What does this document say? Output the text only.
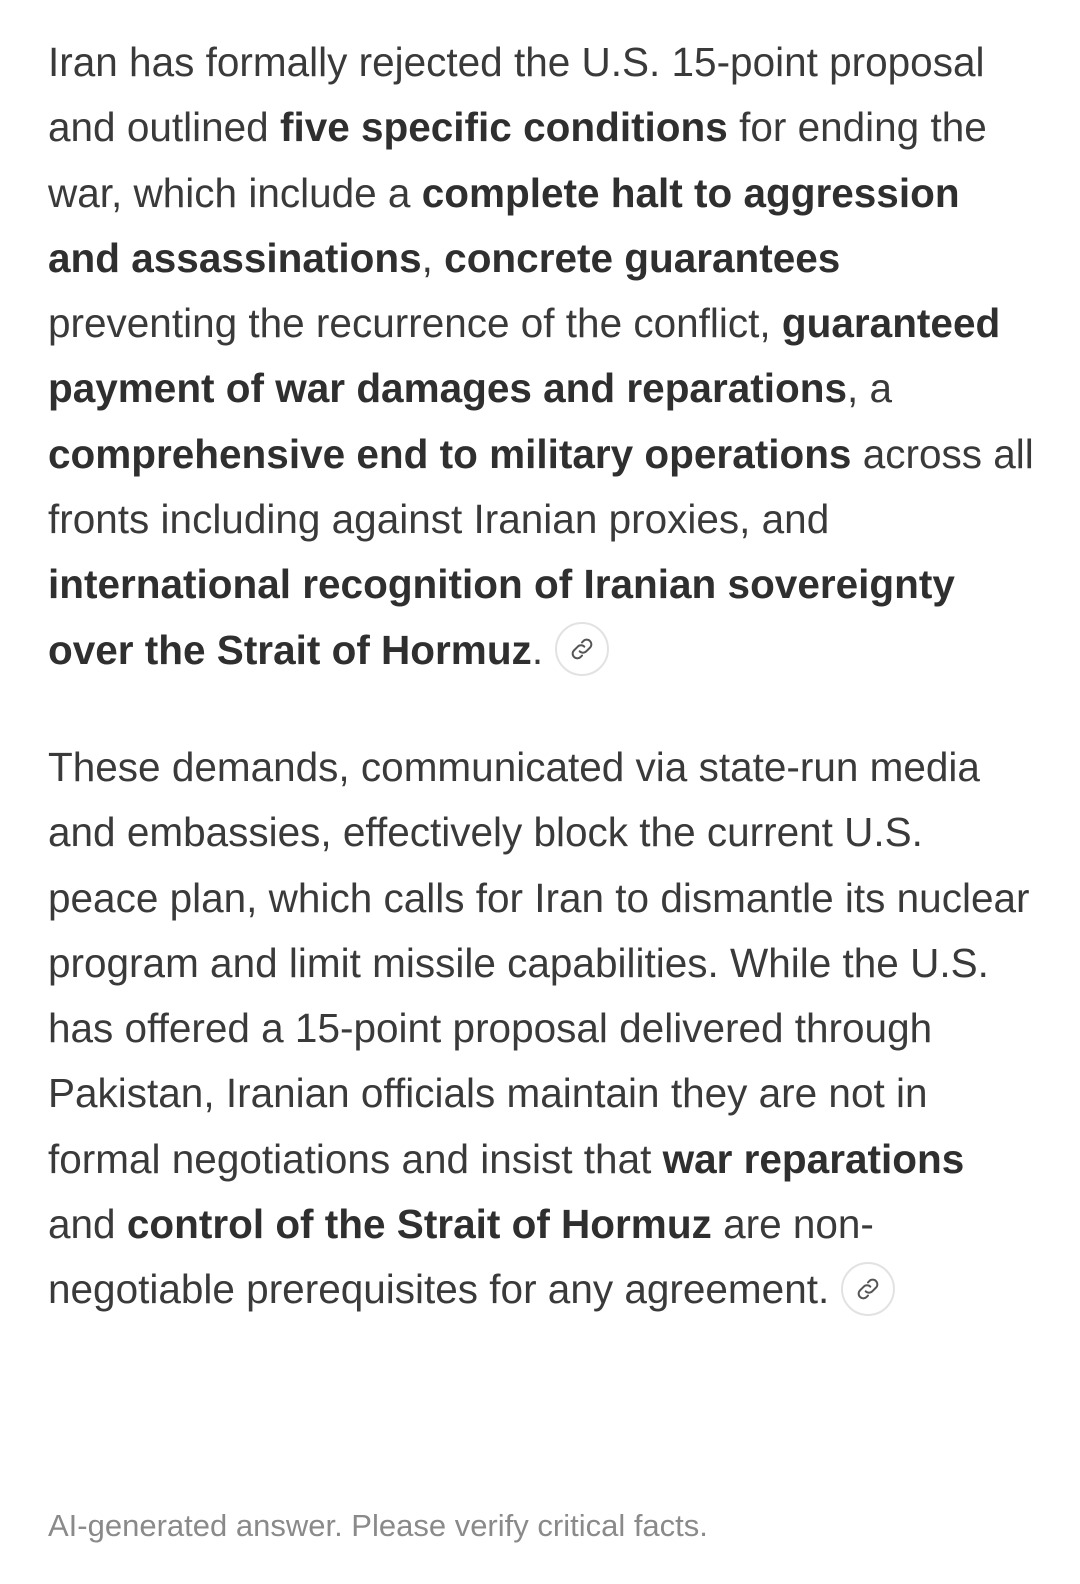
Iran has formally rejected the U.S. 15-point proposal and outlined five specific conditions for ending the war, which include a complete halt to aggression and assassinations, concrete guarantees preventing the recurrence of the conflict, guaranteed payment of war damages and reparations, a comprehensive end to military operations across all fronts including against Iranian proxies, and international recognition of Iranian sovereignty over the Strait of Hormuz.

These demands, communicated via state-run media and embassies, effectively block the current U.S. peace plan, which calls for Iran to dismantle its nuclear program and limit missile capabilities. While the U.S. has offered a 15-point proposal delivered through Pakistan, Iranian officials maintain they are not in formal negotiations and insist that war reparations and control of the Strait of Hormuz are non-negotiable prerequisites for any agreement.

AI-generated answer. Please verify critical facts.
